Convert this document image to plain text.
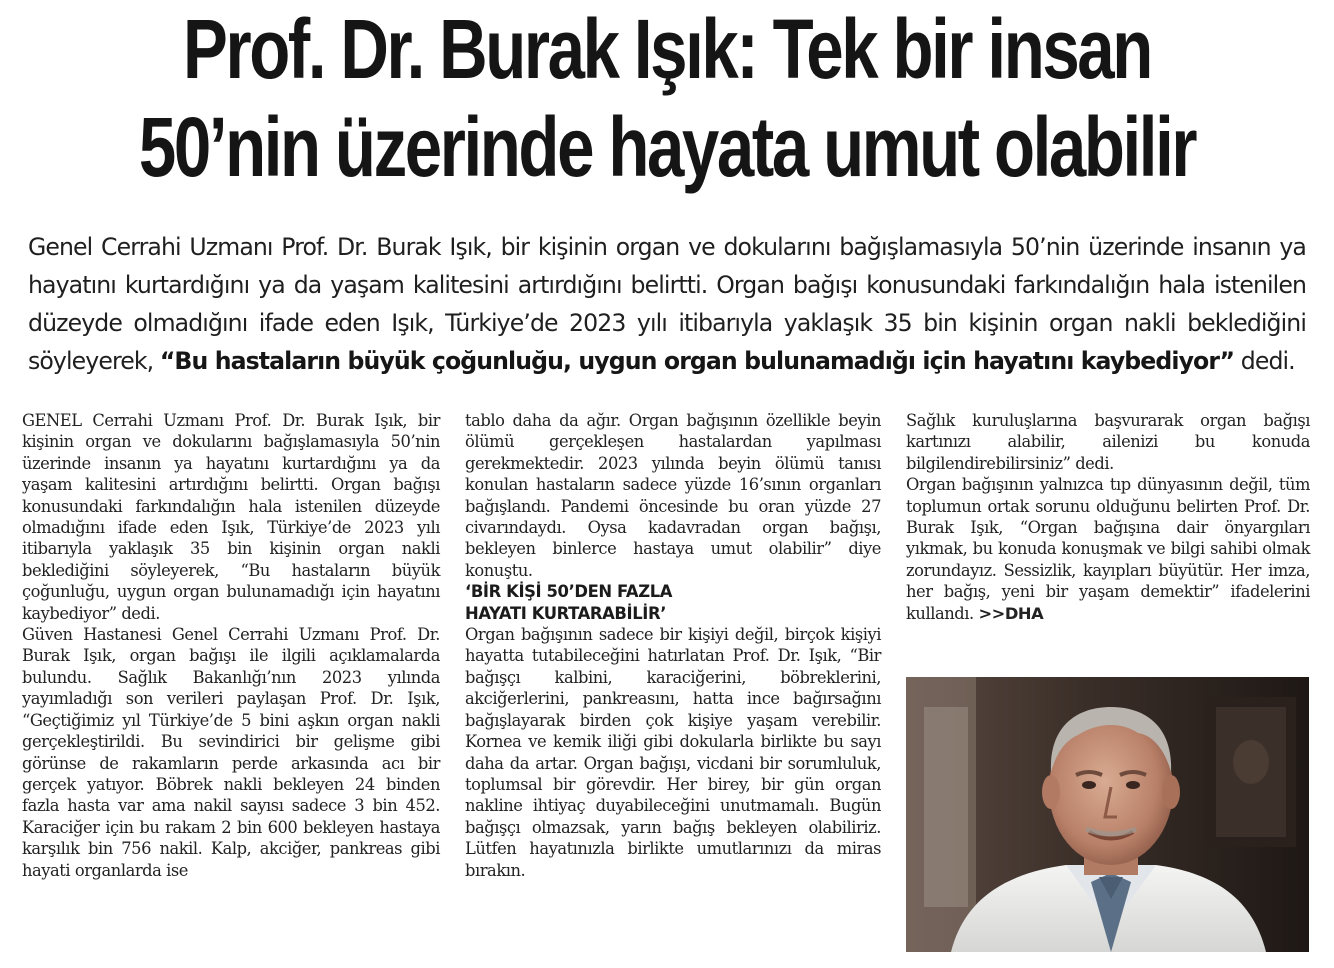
Prof. Dr. Burak Işık: Tek bir insan
50’nin üzerinde hayata umut olabilir

Genel Cerrahi Uzmanı Prof. Dr. Burak Işık, bir kişinin organ ve dokularını bağışlamasıyla 50’nin üzerinde insanın ya hayatını kurtardığını ya da yaşam kalitesini artırdığını belirtti. Organ bağışı konusundaki farkındalığın hala istenilen düzeyde olmadığını ifade eden Işık, Türkiye’de 2023 yılı itibarıyla yaklaşık 35 bin kişinin organ nakli beklediğini söyleyerek, “Bu hastaların büyük çoğunluğu, uygun organ bulunamadığı için hayatını kaybediyor” dedi.

GENEL Cerrahi Uzmanı Prof. Dr. Burak Işık, bir kişinin organ ve dokularını bağışlamasıyla 50’nin üzerinde insanın ya hayatını kurtardığını ya da yaşam kalitesini artırdığını belirtti. Organ bağışı konusundaki farkındalığın hala istenilen düzeyde olmadığını ifade eden Işık, Türkiye’de 2023 yılı itibarıyla yaklaşık 35 bin kişinin organ nakli beklediğini söyleyerek, “Bu hastaların büyük çoğunluğu, uygun organ bulunamadığı için hayatını kaybediyor” dedi.

Güven Hastanesi Genel Cerrahi Uzmanı Prof. Dr. Burak Işık, organ bağışı ile ilgili açıklamalarda bulundu. Sağlık Bakanlığı’nın 2023 yılında yayımladığı son verileri paylaşan Prof. Dr. Işık, “Geçtiğimiz yıl Türkiye’de 5 bini aşkın organ nakli gerçekleştirildi. Bu sevindirici bir gelişme gibi görünse de rakamların perde arkasında acı bir gerçek yatıyor. Böbrek nakli bekleyen 24 binden fazla hasta var ama nakil sayısı sadece 3 bin 452. Karaciğer için bu rakam 2 bin 600 bekleyen hastaya karşılık bin 756 nakil. Kalp, akciğer, pankreas gibi hayati organlarda ise

tablo daha da ağır. Organ bağışının özellikle beyin ölümü gerçekleşen hastalardan yapılması gerekmektedir. 2023 yılında beyin ölümü tanısı konulan hastaların sadece yüzde 16’sının organları bağışlandı. Pandemi öncesinde bu oran yüzde 27 civarındaydı. Oysa kadavradan organ bağışı, bekleyen binlerce hastaya umut olabilir” diye konuştu.

‘BİR KİŞİ 50’DEN FAZLA
HAYATI KURTARABİLİR’

Organ bağışının sadece bir kişiyi değil, birçok kişiyi hayatta tutabileceğini hatırlatan Prof. Dr. Işık, “Bir bağışçı kalbini, karaciğerini, böbreklerini, akciğerlerini, pankreasını, hatta ince bağırsağını bağışlayarak birden çok kişiye yaşam verebilir. Kornea ve kemik iliği gibi dokularla birlikte bu sayı daha da artar. Organ bağışı, vicdani bir sorumluluk, toplumsal bir görevdir. Her birey, bir gün organ nakline ihtiyaç duyabileceğini unutmamalı. Bugün bağışçı olmazsak, yarın bağış bekleyen olabiliriz. Lütfen hayatınızla birlikte umutlarınızı da miras bırakın.

Sağlık kuruluşlarına başvurarak organ bağışı kartınızı alabilir, ailenizi bu konuda bilgilendirebilirsiniz” dedi.

Organ bağışının yalnızca tıp dünyasının değil, tüm toplumun ortak sorunu olduğunu belirten Prof. Dr. Burak Işık, “Organ bağışına dair önyargıları yıkmak, bu konuda konuşmak ve bilgi sahibi olmak zorundayız. Sessizlik, kayıpları büyütür. Her imza, her bağış, yeni bir yaşam demektir” ifadelerini kullandı. >>DHA
